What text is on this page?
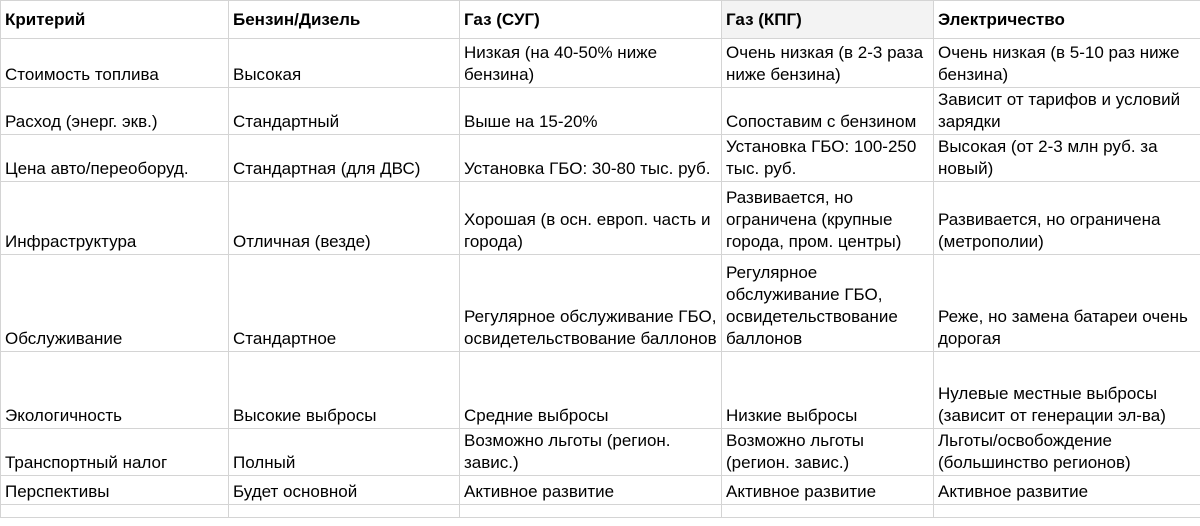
Критерий	Бензин/Дизель	Газ (СУГ)	Газ (КПГ)	Электричество
Стоимость топлива	Высокая	Низкая (на 40-50% ниже бензина)	Очень низкая (в 2-3 раза ниже бензина)	Очень низкая (в 5-10 раз ниже бензина)
Расход (энерг. экв.)	Стандартный	Выше на 15-20%	Сопоставим с бензином	Зависит от тарифов и условий зарядки
Цена авто/переоборуд.	Стандартная (для ДВС)	Установка ГБО: 30-80 тыс. руб.	Установка ГБО: 100-250 тыс. руб.	Высокая (от 2-3 млн руб. за новый)
Инфраструктура	Отличная (везде)	Хорошая (в осн. европ. часть и города)	Развивается, но ограничена (крупные города, пром. центры)	Развивается, но ограничена (метрополии)
Обслуживание	Стандартное	Регулярное обслуживание ГБО, освидетельствование баллонов	Регулярное обслуживание ГБО, освидетельствование баллонов	Реже, но замена батареи очень дорогая
Экологичность	Высокие выбросы	Средние выбросы	Низкие выбросы	Нулевые местные выбросы (зависит от генерации эл-ва)
Транспортный налог	Полный	Возможно льготы (регион. завис.)	Возможно льготы (регион. завис.)	Льготы/освобождение (большинство регионов)
Перспективы	Будет основной	Активное развитие	Активное развитие	Активное развитие
